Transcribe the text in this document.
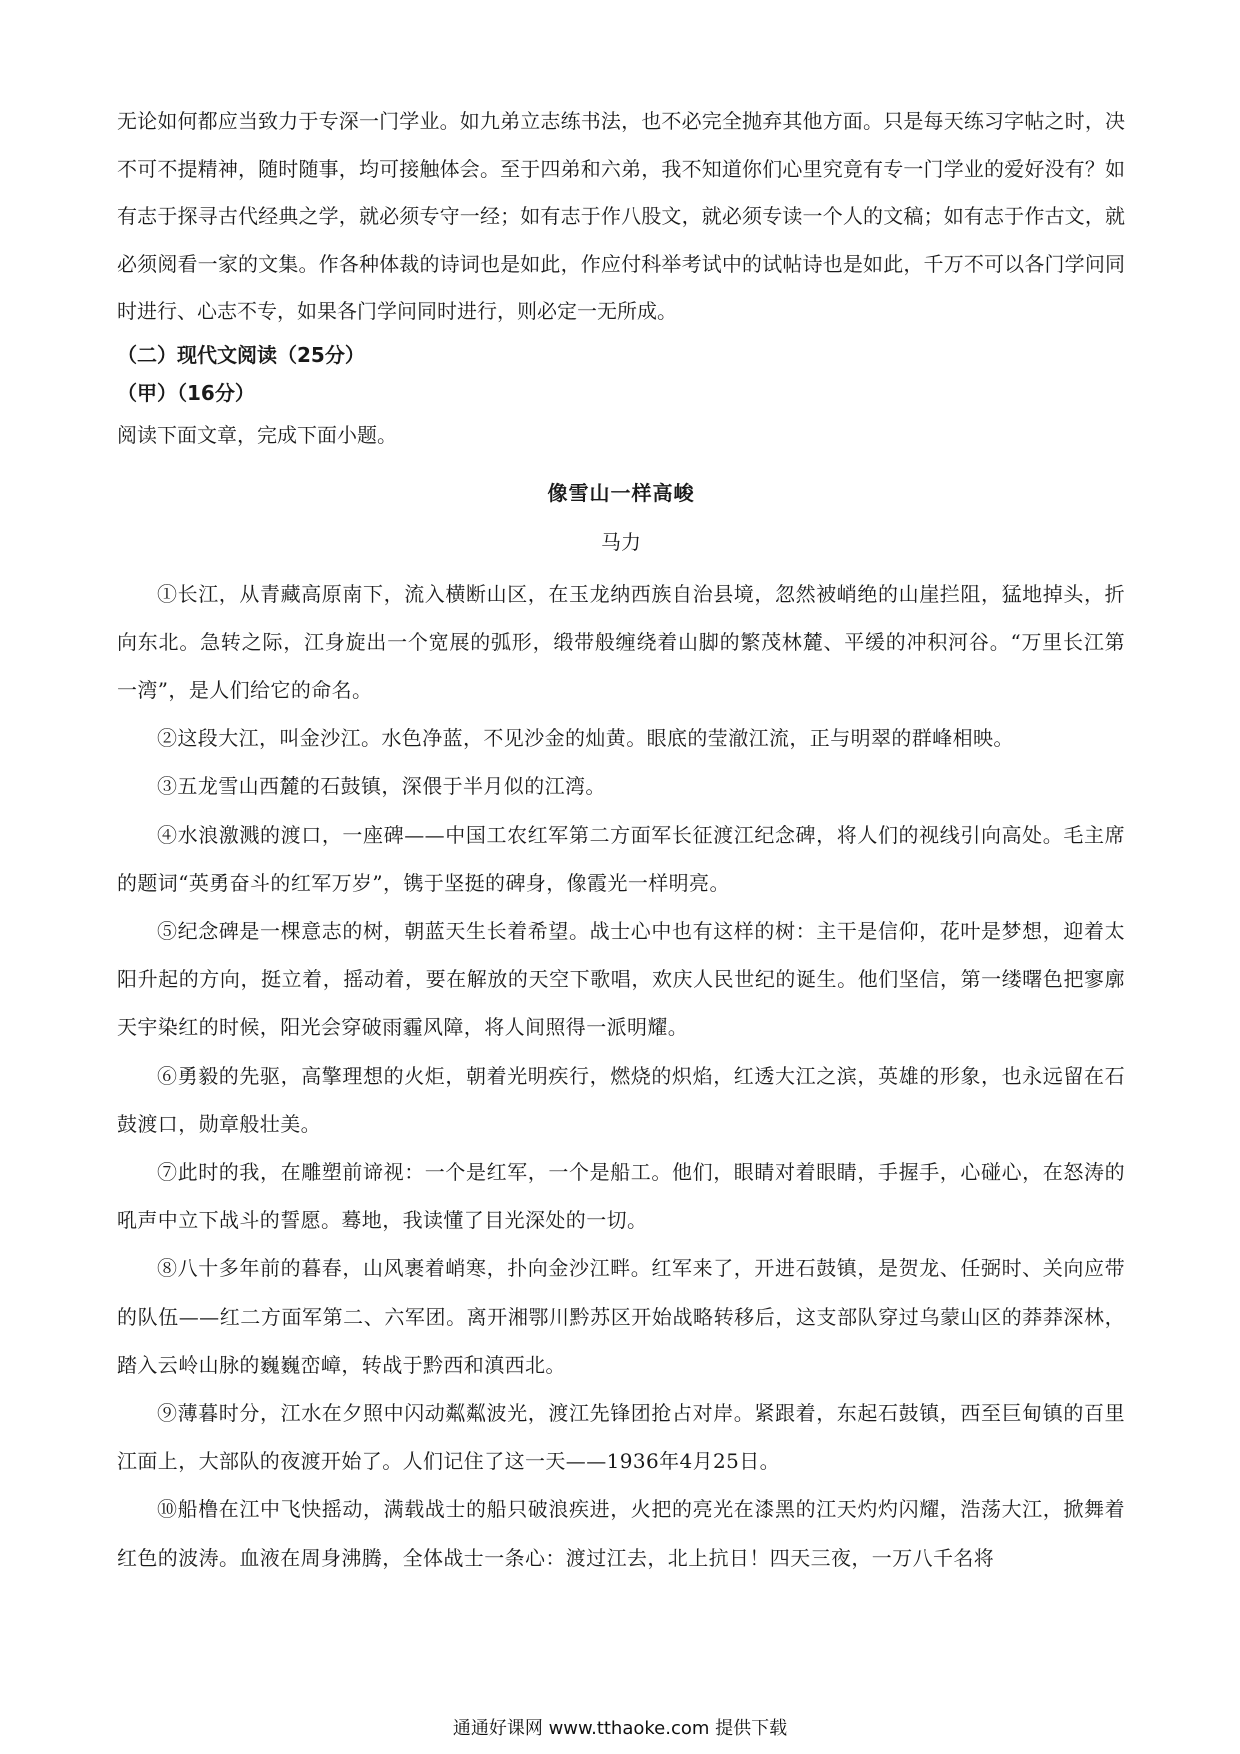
无论如何都应当致力于专深一门学业。如九弟立志练书法，也不必完全抛弃其他方面。只是每天练习字帖之时，决不可不提精神，随时随事，均可接触体会。至于四弟和六弟，我不知道你们心里究竟有专一门学业的爱好没有？如有志于探寻古代经典之学，就必须专守一经；如有志于作八股文，就必须专读一个人的文稿；如有志于作古文，就必须阅看一家的文集。作各种体裁的诗词也是如此，作应付科举考试中的试帖诗也是如此，千万不可以各门学问同时进行、心志不专，如果各门学问同时进行，则必定一无所成。

（二）现代文阅读（25分）
（甲）（16分）

阅读下面文章，完成下面小题。

像雪山一样高峻

马力

①长江，从青藏高原南下，流入横断山区，在玉龙纳西族自治县境，忽然被峭绝的山崖拦阻，猛地掉头，折向东北。急转之际，江身旋出一个宽展的弧形，缎带般缠绕着山脚的繁茂林麓、平缓的冲积河谷。“万里长江第一湾”，是人们给它的命名。

②这段大江，叫金沙江。水色净蓝，不见沙金的灿黄。眼底的莹澈江流，正与明翠的群峰相映。

③五龙雪山西麓的石鼓镇，深偎于半月似的江湾。

④水浪激溅的渡口，一座碑——中国工农红军第二方面军长征渡江纪念碑，将人们的视线引向高处。毛主席的题词“英勇奋斗的红军万岁”，镌于坚挺的碑身，像霞光一样明亮。

⑤纪念碑是一棵意志的树，朝蓝天生长着希望。战士心中也有这样的树：主干是信仰，花叶是梦想，迎着太阳升起的方向，挺立着，摇动着，要在解放的天空下歌唱，欢庆人民世纪的诞生。他们坚信，第一缕曙色把寥廓天宇染红的时候，阳光会穿破雨霾风障，将人间照得一派明耀。

⑥勇毅的先驱，高擎理想的火炬，朝着光明疾行，燃烧的炽焰，红透大江之滨，英雄的形象，也永远留在石鼓渡口，勋章般壮美。

⑦此时的我，在雕塑前谛视：一个是红军，一个是船工。他们，眼睛对着眼睛，手握手，心碰心，在怒涛的吼声中立下战斗的誓愿。蓦地，我读懂了目光深处的一切。

⑧八十多年前的暮春，山风裹着峭寒，扑向金沙江畔。红军来了，开进石鼓镇，是贺龙、任弼时、关向应带的队伍——红二方面军第二、六军团。离开湘鄂川黔苏区开始战略转移后，这支部队穿过乌蒙山区的莽莽深林，踏入云岭山脉的巍巍峦嶂，转战于黔西和滇西北。

⑨薄暮时分，江水在夕照中闪动粼粼波光，渡江先锋团抢占对岸。紧跟着，东起石鼓镇，西至巨甸镇的百里江面上，大部队的夜渡开始了。人们记住了这一天——1936年4月25日。

⑩船橹在江中飞快摇动，满载战士的船只破浪疾进，火把的亮光在漆黑的江天灼灼闪耀，浩荡大江，掀舞着红色的波涛。血液在周身沸腾，全体战士一条心：渡过江去，北上抗日！四天三夜，一万八千名将

通通好课网 www.tthaoke.com 提供下载
